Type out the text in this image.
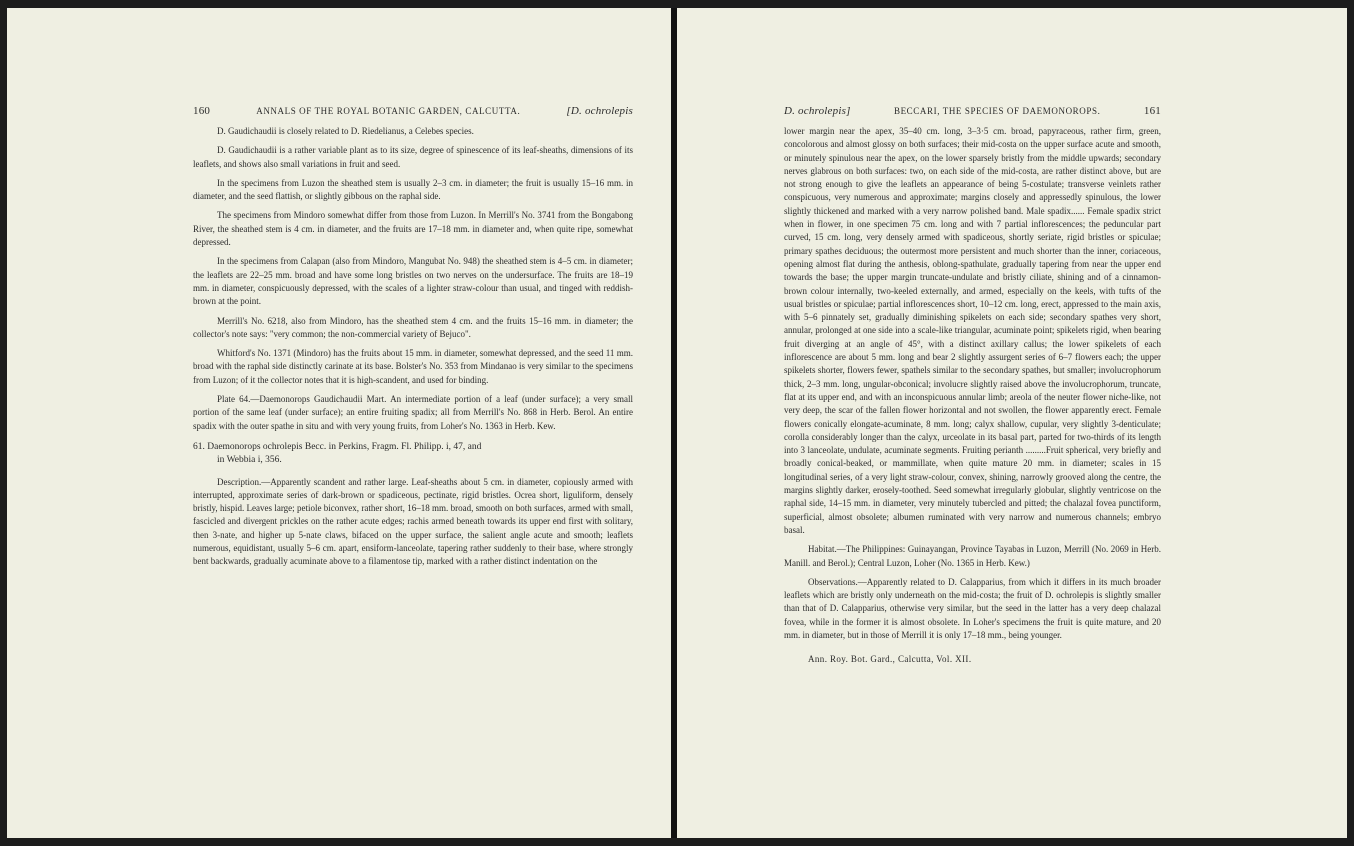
160	ANNALS OF THE ROYAL BOTANIC GARDEN, CALCUTTA.	[D. ochrolepis

D. Gaudichaudii is closely related to D. Riedelianus, a Celebes species.

D. Gaudichaudii is a rather variable plant as to its size, degree of spinescence of its leaf-sheaths, dimensions of its leaflets, and shows also small variations in fruit and seed.

In the specimens from Luzon the sheathed stem is usually 2–3 cm. in diameter; the fruit is usually 15–16 mm. in diameter, and the seed flattish, or slightly gibbous on the raphal side.

The specimens from Mindoro somewhat differ from those from Luzon. In Merrill's No. 3741 from the Bongabong River, the sheathed stem is 4 cm. in diameter, and the fruits are 17–18 mm. in diameter and, when quite ripe, somewhat depressed.

In the specimens from Calapan (also from Mindoro, Mangubat No. 948) the sheathed stem is 4–5 cm. in diameter; the leaflets are 22–25 mm. broad and have some long bristles on two nerves on the undersurface. The fruits are 18–19 mm. in diameter, conspicuously depressed, with the scales of a lighter straw-colour than usual, and tinged with reddish-brown at the point.

Merrill's No. 6218, also from Mindoro, has the sheathed stem 4 cm. and the fruits 15–16 mm. in diameter; the collector's note says: "very common; the non-commercial variety of Bejuco".

Whitford's No. 1371 (Mindoro) has the fruits about 15 mm. in diameter, somewhat depressed, and the seed 11 mm. broad with the raphal side distinctly carinate at its base. Bolster's No. 353 from Mindanao is very similar to the specimens from Luzon; of it the collector notes that it is high-scandent, and used for binding.

Plate 64.—Daemonorops Gaudichaudii Mart. An intermediate portion of a leaf (under surface); a very small portion of the same leaf (under surface); an entire fruiting spadix; all from Merrill's No. 868 in Herb. Berol. An entire spadix with the outer spathe in situ and with very young fruits, from Loher's No. 1363 in Herb. Kew.

61. Daemonorops ochrolepis Becc. in Perkins, Fragm. Fl. Philipp. i, 47, and
in Webbia i, 356.

Description.—Apparently scandent and rather large. Leaf-sheaths about 5 cm. in diameter, copiously armed with interrupted, approximate series of dark-brown or spadiceous, pectinate, rigid bristles. Ocrea short, liguliform, densely bristly, hispid. Leaves large; petiole biconvex, rather short, 16–18 mm. broad, smooth on both surfaces, armed with small, fascicled and divergent prickles on the rather acute edges; rachis armed beneath towards its upper end first with solitary, then 3-nate, and higher up 5-nate claws, bifaced on the upper surface, the salient angle acute and smooth; leaflets numerous, equidistant, usually 5–6 cm. apart, ensiform-lanceolate, tapering rather suddenly to their base, where strongly bent backwards, gradually acuminate above to a filamentose tip, marked with a rather distinct indentation on the

D. ochrolepis]	BECCARI, THE SPECIES OF DAEMONOROPS.	161

lower margin near the apex, 35–40 cm. long, 3–3·5 cm. broad, papyraceous, rather firm, green, concolorous and almost glossy on both surfaces; their mid-costa on the upper surface acute and smooth, or minutely spinulous near the apex, on the lower sparsely bristly from the middle upwards; secondary nerves glabrous on both surfaces: two, on each side of the mid-costa, are rather distinct above, but are not strong enough to give the leaflets an appearance of being 5-costulate; transverse veinlets rather conspicuous, very numerous and approximate; margins closely and appressedly spinulous, the lower slightly thickened and marked with a very narrow polished band. Male spadix...... Female spadix strict when in flower, in one specimen 75 cm. long and with 7 partial inflorescences; the peduncular part curved, 15 cm. long, very densely armed with spadiceous, shortly seriate, rigid bristles or spiculae; primary spathes deciduous; the outermost more persistent and much shorter than the inner, coriaceous, opening almost flat during the anthesis, oblong-spathulate, gradually tapering from near the upper end towards the base; the upper margin truncate-undulate and bristly ciliate, shining and of a cinnamon-brown colour internally, two-keeled externally, and armed, especially on the keels, with tufts of the usual bristles or spiculae; partial inflorescences short, 10–12 cm. long, erect, appressed to the main axis, with 5–6 pinnately set, gradually diminishing spikelets on each side; secondary spathes very short, annular, prolonged at one side into a scale-like triangular, acuminate point; spikelets rigid, when bearing fruit diverging at an angle of 45°, with a distinct axillary callus; the lower spikelets of each inflorescence are about 5 mm. long and bear 2 slightly assurgent series of 6–7 flowers each; the upper spikelets shorter, flowers fewer, spathels similar to the secondary spathes, but smaller; involucrophorum thick, 2–3 mm. long, ungular-obconical; involucre slightly raised above the involucrophorum, truncate, flat at its upper end, and with an inconspicuous annular limb; areola of the neuter flower niche-like, not very deep, the scar of the fallen flower horizontal and not swollen, the flower apparently erect. Female flowers conically elongate-acuminate, 8 mm. long; calyx shallow, cupular, very slightly 3-denticulate; corolla considerably longer than the calyx, urceolate in its basal part, parted for two-thirds of its length into 3 lanceolate, undulate, acuminate segments. Fruiting perianth .........Fruit spherical, very briefly and broadly conical-beaked, or mammillate, when quite mature 20 mm. in diameter; scales in 15 longitudinal series, of a very light straw-colour, convex, shining, narrowly grooved along the centre, the margins slightly darker, erosely-toothed. Seed somewhat irregularly globular, slightly ventricose on the raphal side, 14–15 mm. in diameter, very minutely tubercled and pitted; the chalazal fovea punctiform, superficial, almost obsolete; albumen ruminated with very narrow and numerous channels; embryo basal.

Habitat.—The Philippines: Guinayangan, Province Tayabas in Luzon, Merrill (No. 2069 in Herb. Manill. and Berol.); Central Luzon, Loher (No. 1365 in Herb. Kew.)

Observations.—Apparently related to D. Calapparius, from which it differs in its much broader leaflets which are bristly only underneath on the mid-costa; the fruit of D. ochrolepis is slightly smaller than that of D. Calapparius, otherwise very similar, but the seed in the latter has a very deep chalazal fovea, while in the former it is almost obsolete. In Loher's specimens the fruit is quite mature, and 20 mm. in diameter, but in those of Merrill it is only 17–18 mm., being younger.

Ann. Roy. Bot. Gard., Calcutta, Vol. XII.
